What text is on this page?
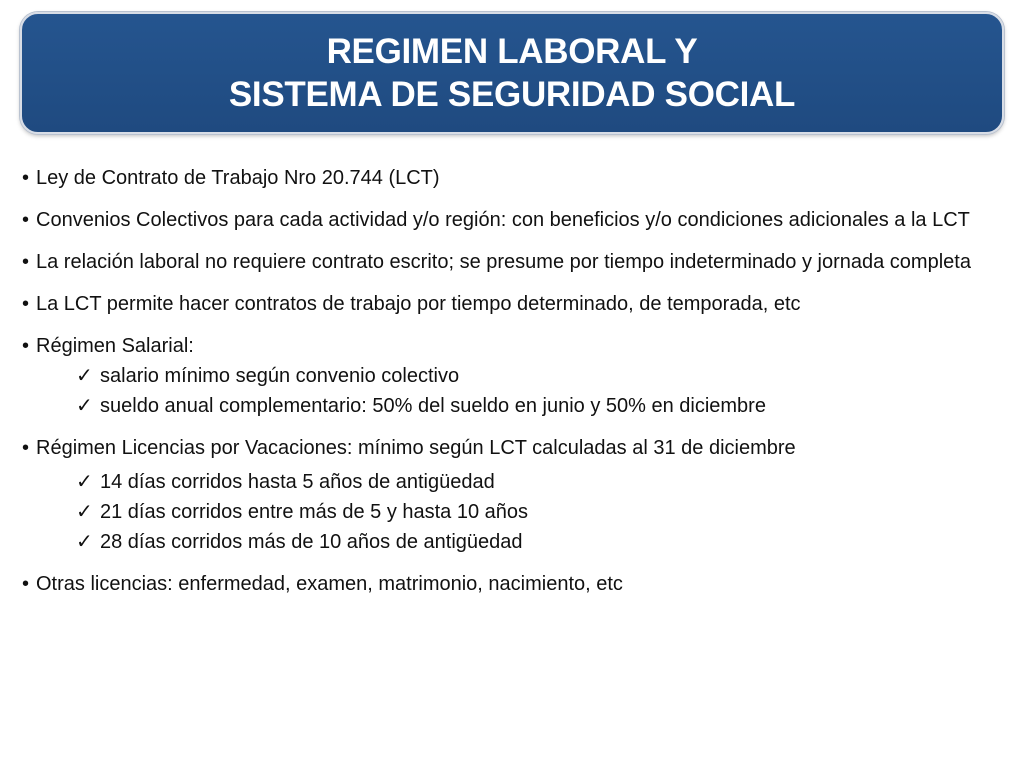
REGIMEN LABORAL Y
SISTEMA DE SEGURIDAD SOCIAL
• Ley de Contrato de Trabajo Nro 20.744 (LCT)
• Convenios Colectivos para cada actividad y/o región: con beneficios y/o condiciones adicionales a la LCT
• La relación laboral no requiere contrato escrito; se presume por tiempo indeterminado y jornada completa
• La LCT permite hacer contratos de trabajo por tiempo determinado, de temporada, etc
• Régimen Salarial:
✓ salario mínimo según convenio colectivo
✓ sueldo anual complementario: 50% del sueldo en junio y 50% en diciembre
• Régimen Licencias por Vacaciones: mínimo según LCT calculadas al 31 de diciembre
✓ 14 días corridos hasta 5 años de antigüedad
✓ 21 días corridos entre más de 5 y hasta 10 años
✓ 28 días corridos más de 10 años de antigüedad
• Otras licencias: enfermedad, examen, matrimonio, nacimiento, etc
